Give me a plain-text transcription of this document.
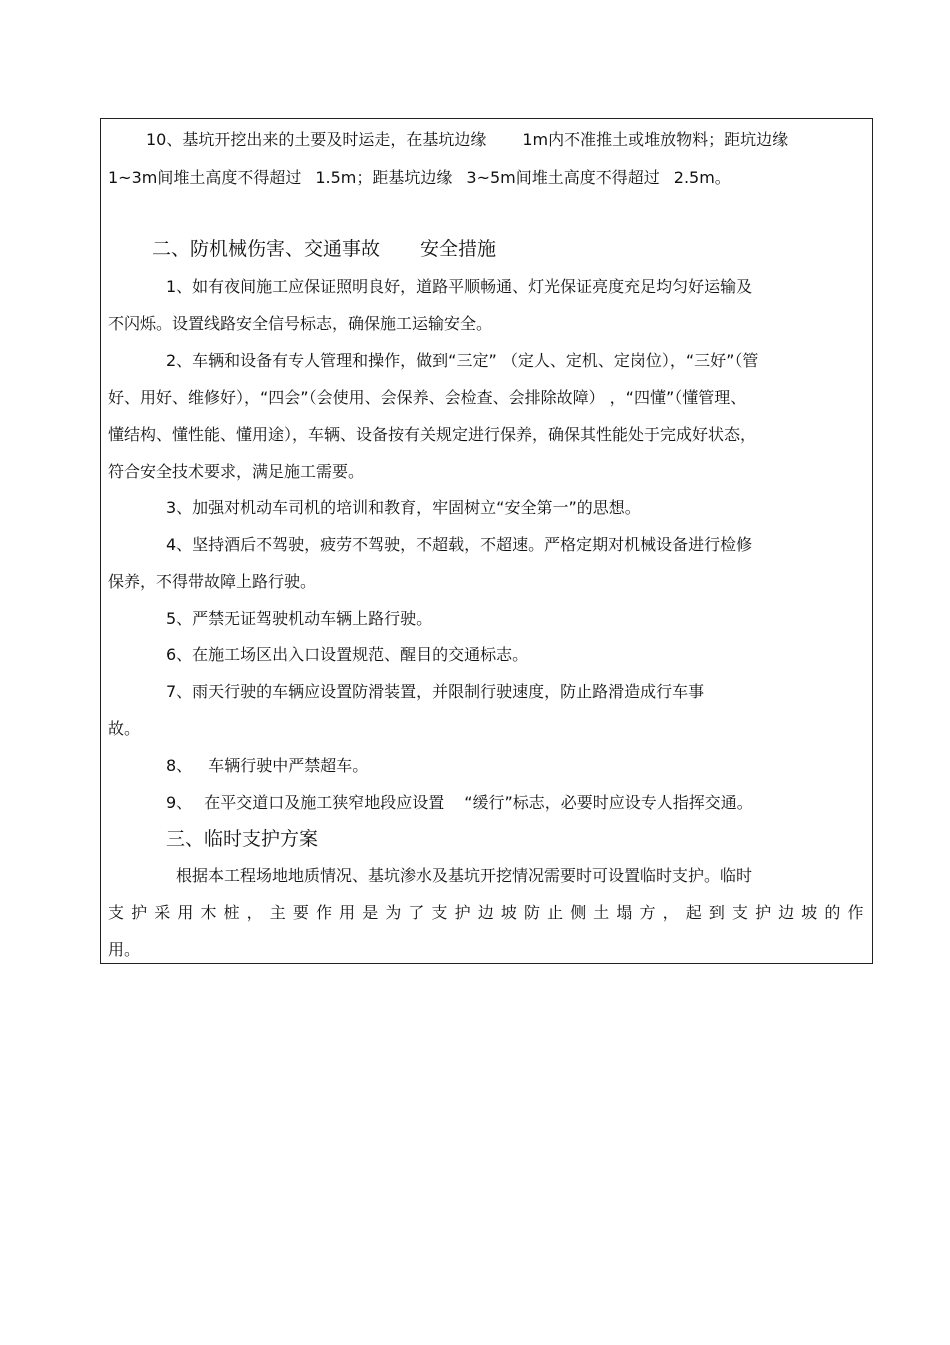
10、基坑开挖出来的土要及时运走，在基坑边缘 1m内不准推土或堆放物料；距坑边缘
1~3m间堆土高度不得超过 1.5m；距基坑边缘 3~5m间堆土高度不得超过 2.5m。
二、防机械伤害、交通事故 安全措施
1、如有夜间施工应保证照明良好，道路平顺畅通、灯光保证亮度充足均匀好运输及
不闪烁。设置线路安全信号标志，确保施工运输安全。
2、车辆和设备有专人管理和操作，做到“三定” （定人、定机、定岗位），“三好”（管
好、用好、维修好），“四会”（会使用、会保养、会检查、会排除故障） ，“四懂”（懂管理、
懂结构、懂性能、懂用途），车辆、设备按有关规定进行保养，确保其性能处于完成好状态，
符合安全技术要求，满足施工需要。
3、加强对机动车司机的培训和教育，牢固树立“安全第一”的思想。
4、坚持酒后不驾驶，疲劳不驾驶，不超载，不超速。严格定期对机械设备进行检修
保养，不得带故障上路行驶。
5、严禁无证驾驶机动车辆上路行驶。
6、在施工场区出入口设置规范、醒目的交通标志。
7、雨天行驶的车辆应设置防滑装置，并限制行驶速度，防止路滑造成行车事
故。
8、 车辆行驶中严禁超车。
9、 在平交道口及施工狭窄地段应设置 “缓行”标志，必要时应设专人指挥交通。
三、临时支护方案
根据本工程场地地质情况、基坑渗水及基坑开挖情况需要时可设置临时支护。临时
支 护 采 用 木 桩 ， 主 要 作 用 是 为 了 支 护 边 坡 防 止 侧 土 塌 方 ， 起 到 支 护 边 坡 的 作
用。
